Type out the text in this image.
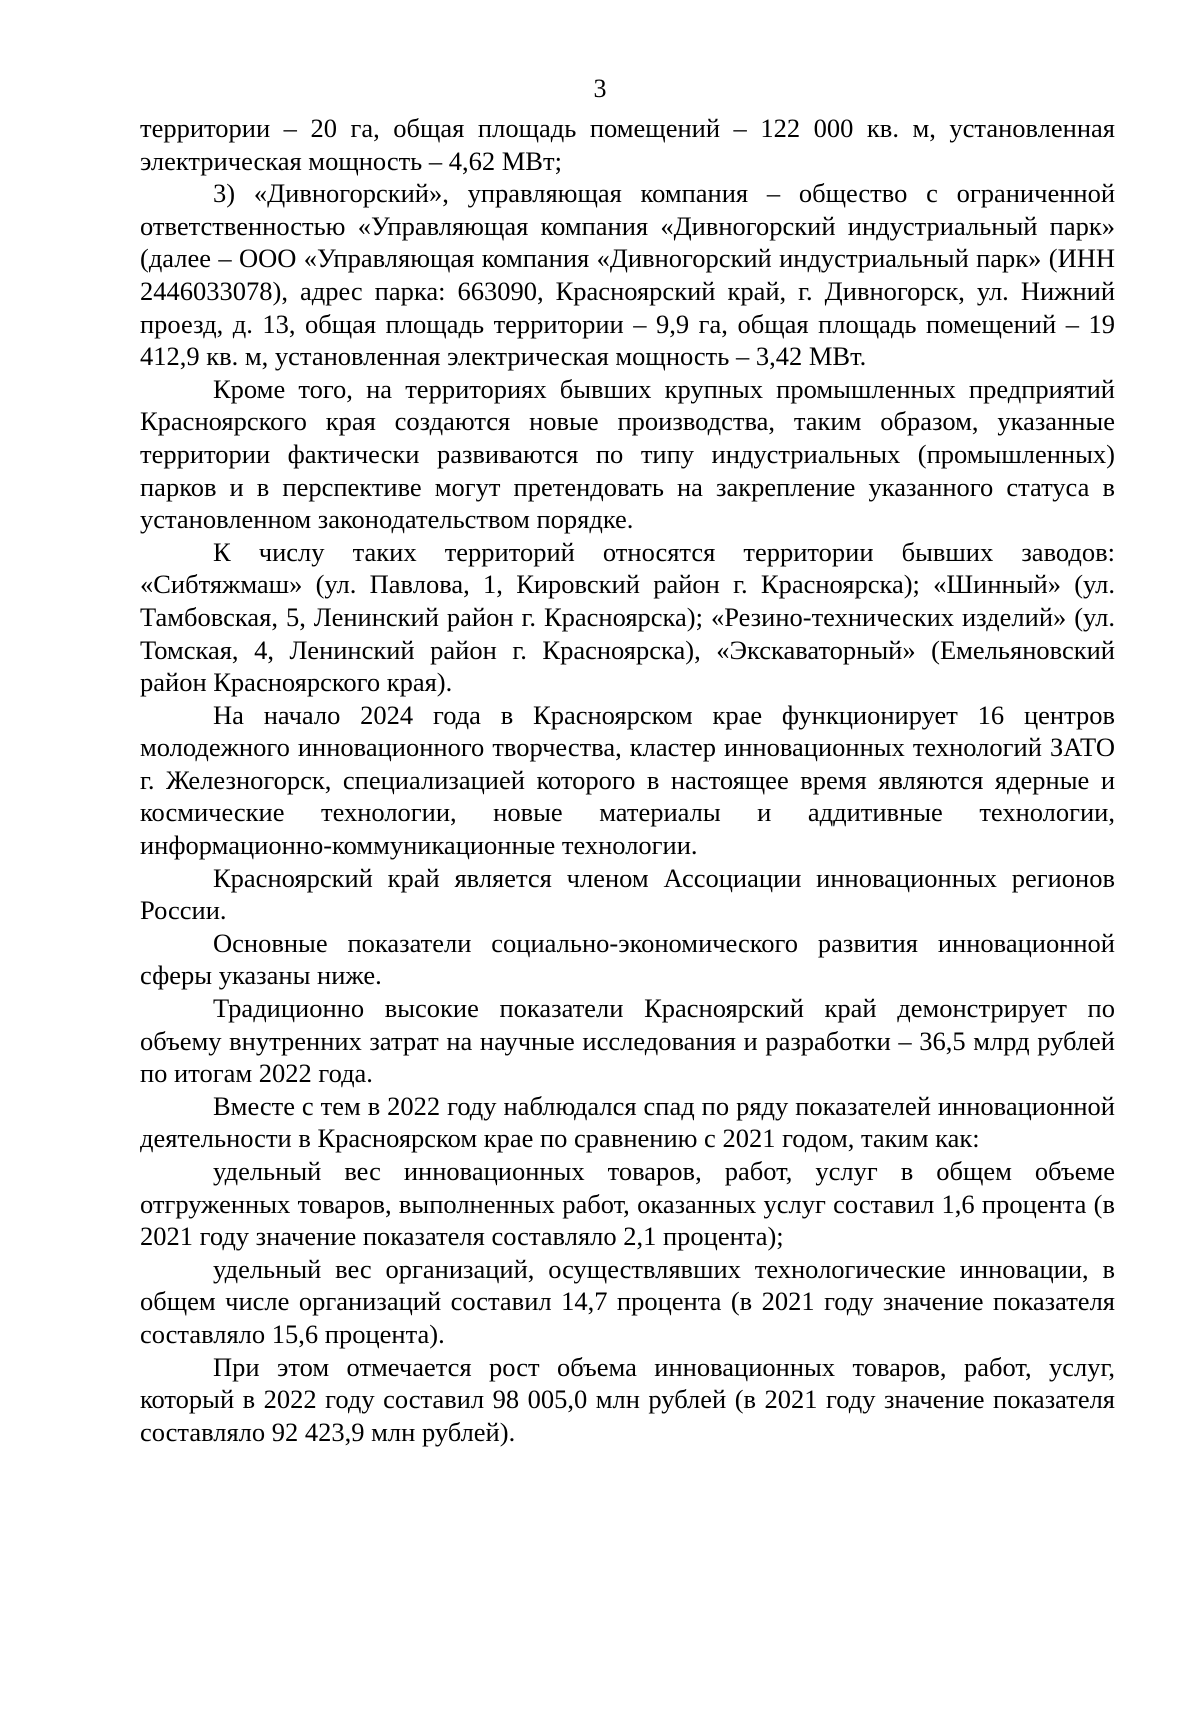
3

территории – 20 га, общая площадь помещений – 122 000 кв. м, установленная электрическая мощность – 4,62 МВт;

3) «Дивногорский», управляющая компания – общество с ограниченной ответственностью «Управляющая компания «Дивногорский индустриальный парк» (далее – ООО «Управляющая компания «Дивногорский индустриальный парк» (ИНН 2446033078), адрес парка: 663090, Красноярский край, г. Дивногорск, ул. Нижний проезд, д. 13, общая площадь территории – 9,9 га, общая площадь помещений – 19 412,9 кв. м, установленная электрическая мощность – 3,42 МВт.

Кроме того, на территориях бывших крупных промышленных предприятий Красноярского края создаются новые производства, таким образом, указанные территории фактически развиваются по типу индустриальных (промышленных) парков и в перспективе могут претендовать на закрепление указанного статуса в установленном законодательством порядке.

К числу таких территорий относятся территории бывших заводов: «Сибтяжмаш» (ул. Павлова, 1, Кировский район г. Красноярска); «Шинный» (ул. Тамбовская, 5, Ленинский район г. Красноярска); «Резино-технических изделий» (ул. Томская, 4, Ленинский район г. Красноярска), «Экскаваторный» (Емельяновский район Красноярского края).

На начало 2024 года в Красноярском крае функционирует 16 центров молодежного инновационного творчества, кластер инновационных технологий ЗАТО г. Железногорск, специализацией которого в настоящее время являются ядерные и космические технологии, новые материалы и аддитивные технологии, информационно-коммуникационные технологии.

Красноярский край является членом Ассоциации инновационных регионов России.

Основные показатели социально-экономического развития инновационной сферы указаны ниже.

Традиционно высокие показатели Красноярский край демонстрирует по объему внутренних затрат на научные исследования и разработки – 36,5 млрд рублей по итогам 2022 года.

Вместе с тем в 2022 году наблюдался спад по ряду показателей инновационной деятельности в Красноярском крае по сравнению с 2021 годом, таким как:

удельный вес инновационных товаров, работ, услуг в общем объеме отгруженных товаров, выполненных работ, оказанных услуг составил 1,6 процента (в 2021 году значение показателя составляло 2,1 процента);

удельный вес организаций, осуществлявших технологические инновации, в общем числе организаций составил 14,7 процента (в 2021 году значение показателя составляло 15,6 процента).

При этом отмечается рост объема инновационных товаров, работ, услуг, который в 2022 году составил 98 005,0 млн рублей (в 2021 году значение показателя составляло 92 423,9 млн рублей).
